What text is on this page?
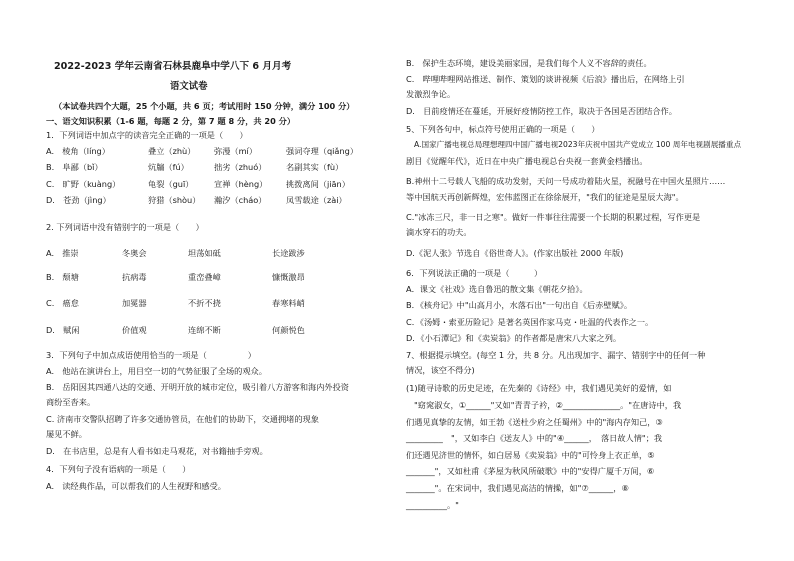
2022-2023 学年云南省石林县鹿阜中学八下 6 月月考
语文试卷
（本试卷共四个大题，25 个小题，共 6 页；考试用时 150 分钟，满分 100 分）
一、语文知识积累（1-6 题，每题 2 分，第 7 题 8 分，共 20 分）
1．下列词语中加点字的读音完全正确的一项是（　　）
A.　棱角（líng）	叠立（zhù） 弥漫（mí）	强词夺理（qiǎng）
B.　阜鄙（bǐ）	炕牖（fú）	拙劣（zhuó） 名副其实（fù）
C.　旷野（kuàng）	龟裂（guī）	宣禅（hèng） 挑拨离间（jiān）
D.　苍劲（jìng）	狩猎（shòu） 瀚汐（cháo） 凤雪载途（zài）
2. 下列词语中没有错别字的一项是（　　）
A.　推崇	冬奥会	坦荡如砥	长途跋涉
B.　颓塘	抗病毒	重峦叠嶂	慷慨激昂
C.　癌怠	加冕器	不折不挠	春寒料峭
D.　赋闲	价值观	连绵不断	何颜悦色
3．下列句子中加点成语使用恰当的一项是（　　　　　）
A.　他站在演讲台上，用目空一切的气势征服了全场的观众。
B.　岳阳因其四通八达的交通、开明开放的城市定位，吸引着八方游客和海内外投资
商纷至沓来。
C. 济南市交警队招聘了许多交通协管员，在他们的协助下，交通拥堵的现象
屡见不鲜。
D.　在书店里，总是有人看书如走马观花，对书籍抽手旁观。
4．下列句子没有语病的一项是（　　）
A.　读经典作品，可以帮我们的人生视野和感受。
B.　保护生态环境，建设美丽家园，是我们每个人义不容辞的责任。
C.　哔哩哔哩网站推送、制作、策划的谈讲视频《后浪》播出后，在网络上引
发激烈争论。
D.　目前疫情还在蔓延，开展好疫情防控工作，取决于各国是否团结合作。
5、下列各句中，标点符号使用正确的一项是（　　）
A.国家广播电视总局理想理四中国广播电视2023年庆祝中国共产党成立 100 周年电视剧展播重点
剧目《觉醒年代》，近日在中央广播电视总台央视一套黄金档播出。
B.神州十二号载人飞船的成功发射，天问一号成功着陆火星，祝融号在中国火星照片……
等中国航天再创新辉煌，宏伟蓝图正在徐徐展开，"我们的征途是星辰大海"。
C."冰冻三尺，非一日之寒"。做好一件事往往需要一个长期的积累过程，写作更是
滴水穿石的功夫。
D.《泥人张》节选自《俗世奇人》。(作家出版社 2000 年版)
6．下列说法正确的一项是（　　　）
A．课文《社戏》选自鲁迅的散文集《朝花夕拾》。
B．《核舟记》中"山高月小，水落石出"一句出自《后赤壁赋》。
C．《汤姆・索亚历险记》是著名英国作家马克・吐温的代表作之一。
D．《小石潭记》和《卖炭翁》的作者都是唐宋八大家之列。
7、根据提示填空。(每空 1 分，共 8 分。凡出现加字、漏字、错别字中的任何一种
情况，该空不得分)
(1)随寻诗歌的历史足迹，在先秦的《诗经》中，我们遇见美好的爱情，如
"窈窕淑女，①______"又如"青青子衿，②______________。"在唐诗中，我
们遇见真挚的友情，如王勃《送杜少府之任蜀州》中的"海内存知己，③
_________　"，又如李白《送友人》中的"④______，　落日故人情"；我
们还遇见济世的情怀，如白居易《卖炭翁》中的"可怜身上衣正单，⑤
_______"，又如杜甫《茅屋为秋风所破歌》中的"安得广厦千万间，⑥
_______"。在宋词中，我们遇见高洁的情操，如"⑦______，⑧
__________。"
